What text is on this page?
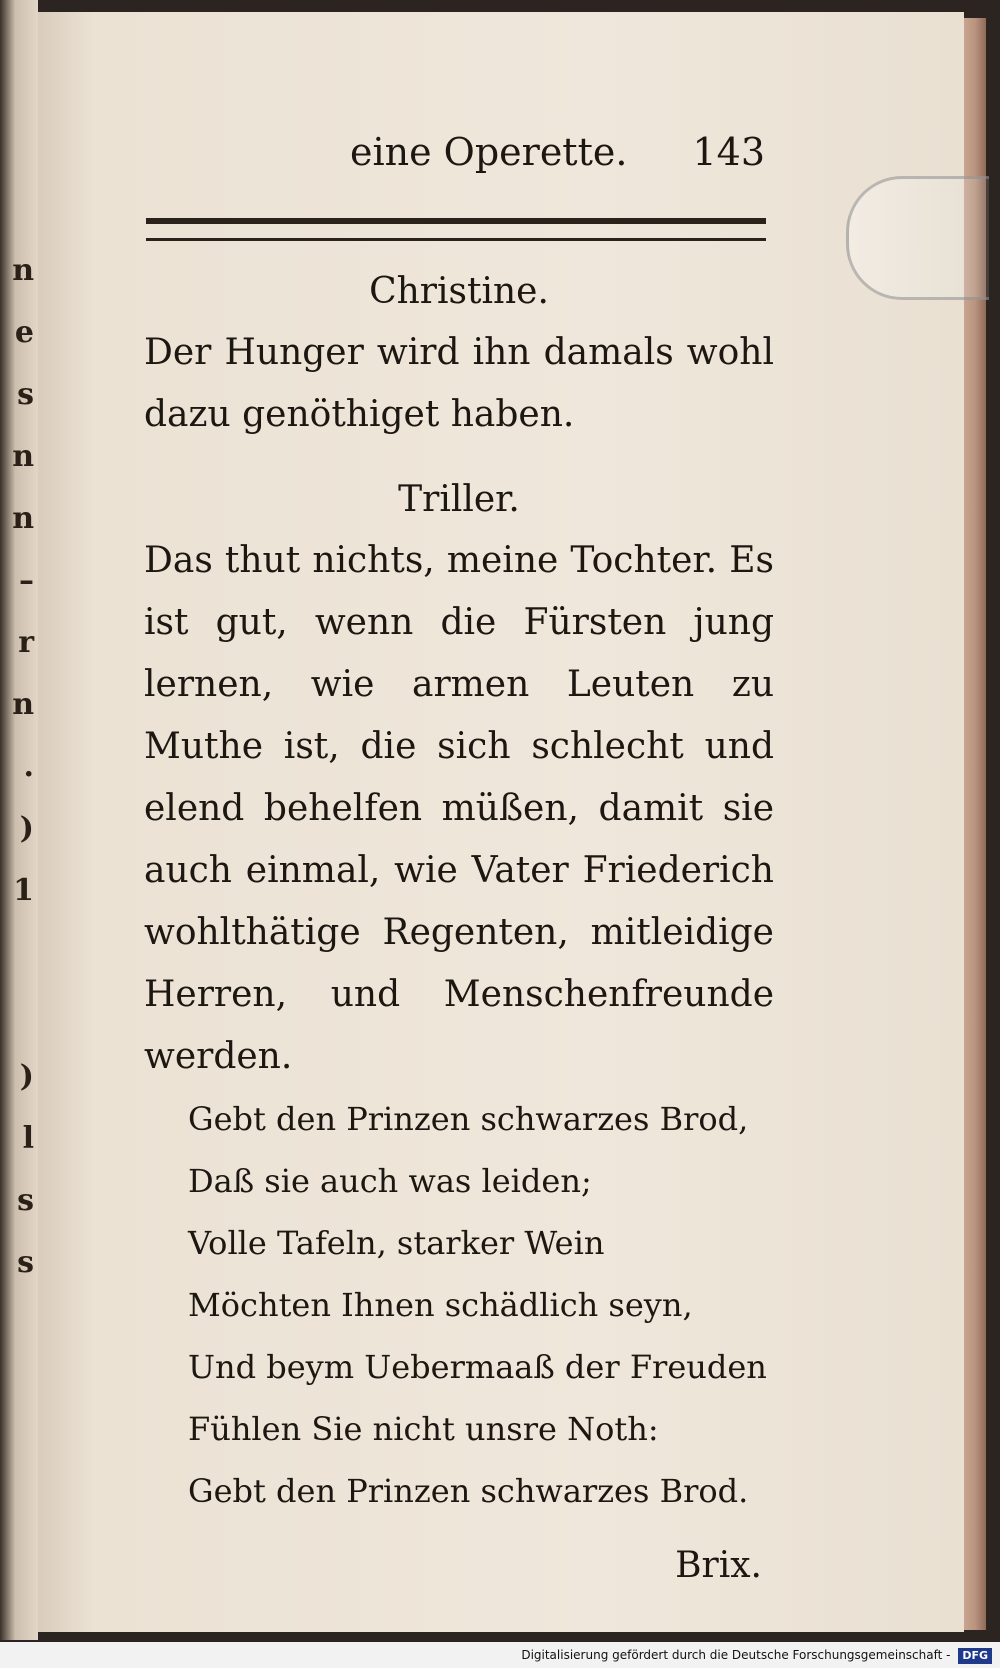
n
e
s
n
n
–
r
n
.
)
1
)
l
s
s
eine Operette. 143
Christine.

Der Hunger wird ihn damals wohl dazu genöthiget haben.

Triller.

Das thut nichts, meine Tochter. Es ist gut, wenn die Fürsten jung lernen, wie armen Leuten zu Muthe ist, die sich schlecht und elend behelfen müßen, damit sie auch einmal, wie Vater Friederich wohlthätige Regenten, mitleidige Herren, und Menschenfreunde werden.

Gebt den Prinzen schwarzes Brod,
Daß sie auch was leiden;
Volle Tafeln, starker Wein
Möchten Ihnen schädlich seyn,
Und beym Uebermaaß der Freuden
Fühlen Sie nicht unsre Noth:
Gebt den Prinzen schwarzes Brod.
Brix.
Digitalisierung gefördert durch die Deutsche Forschungsgemeinschaft - DFG
